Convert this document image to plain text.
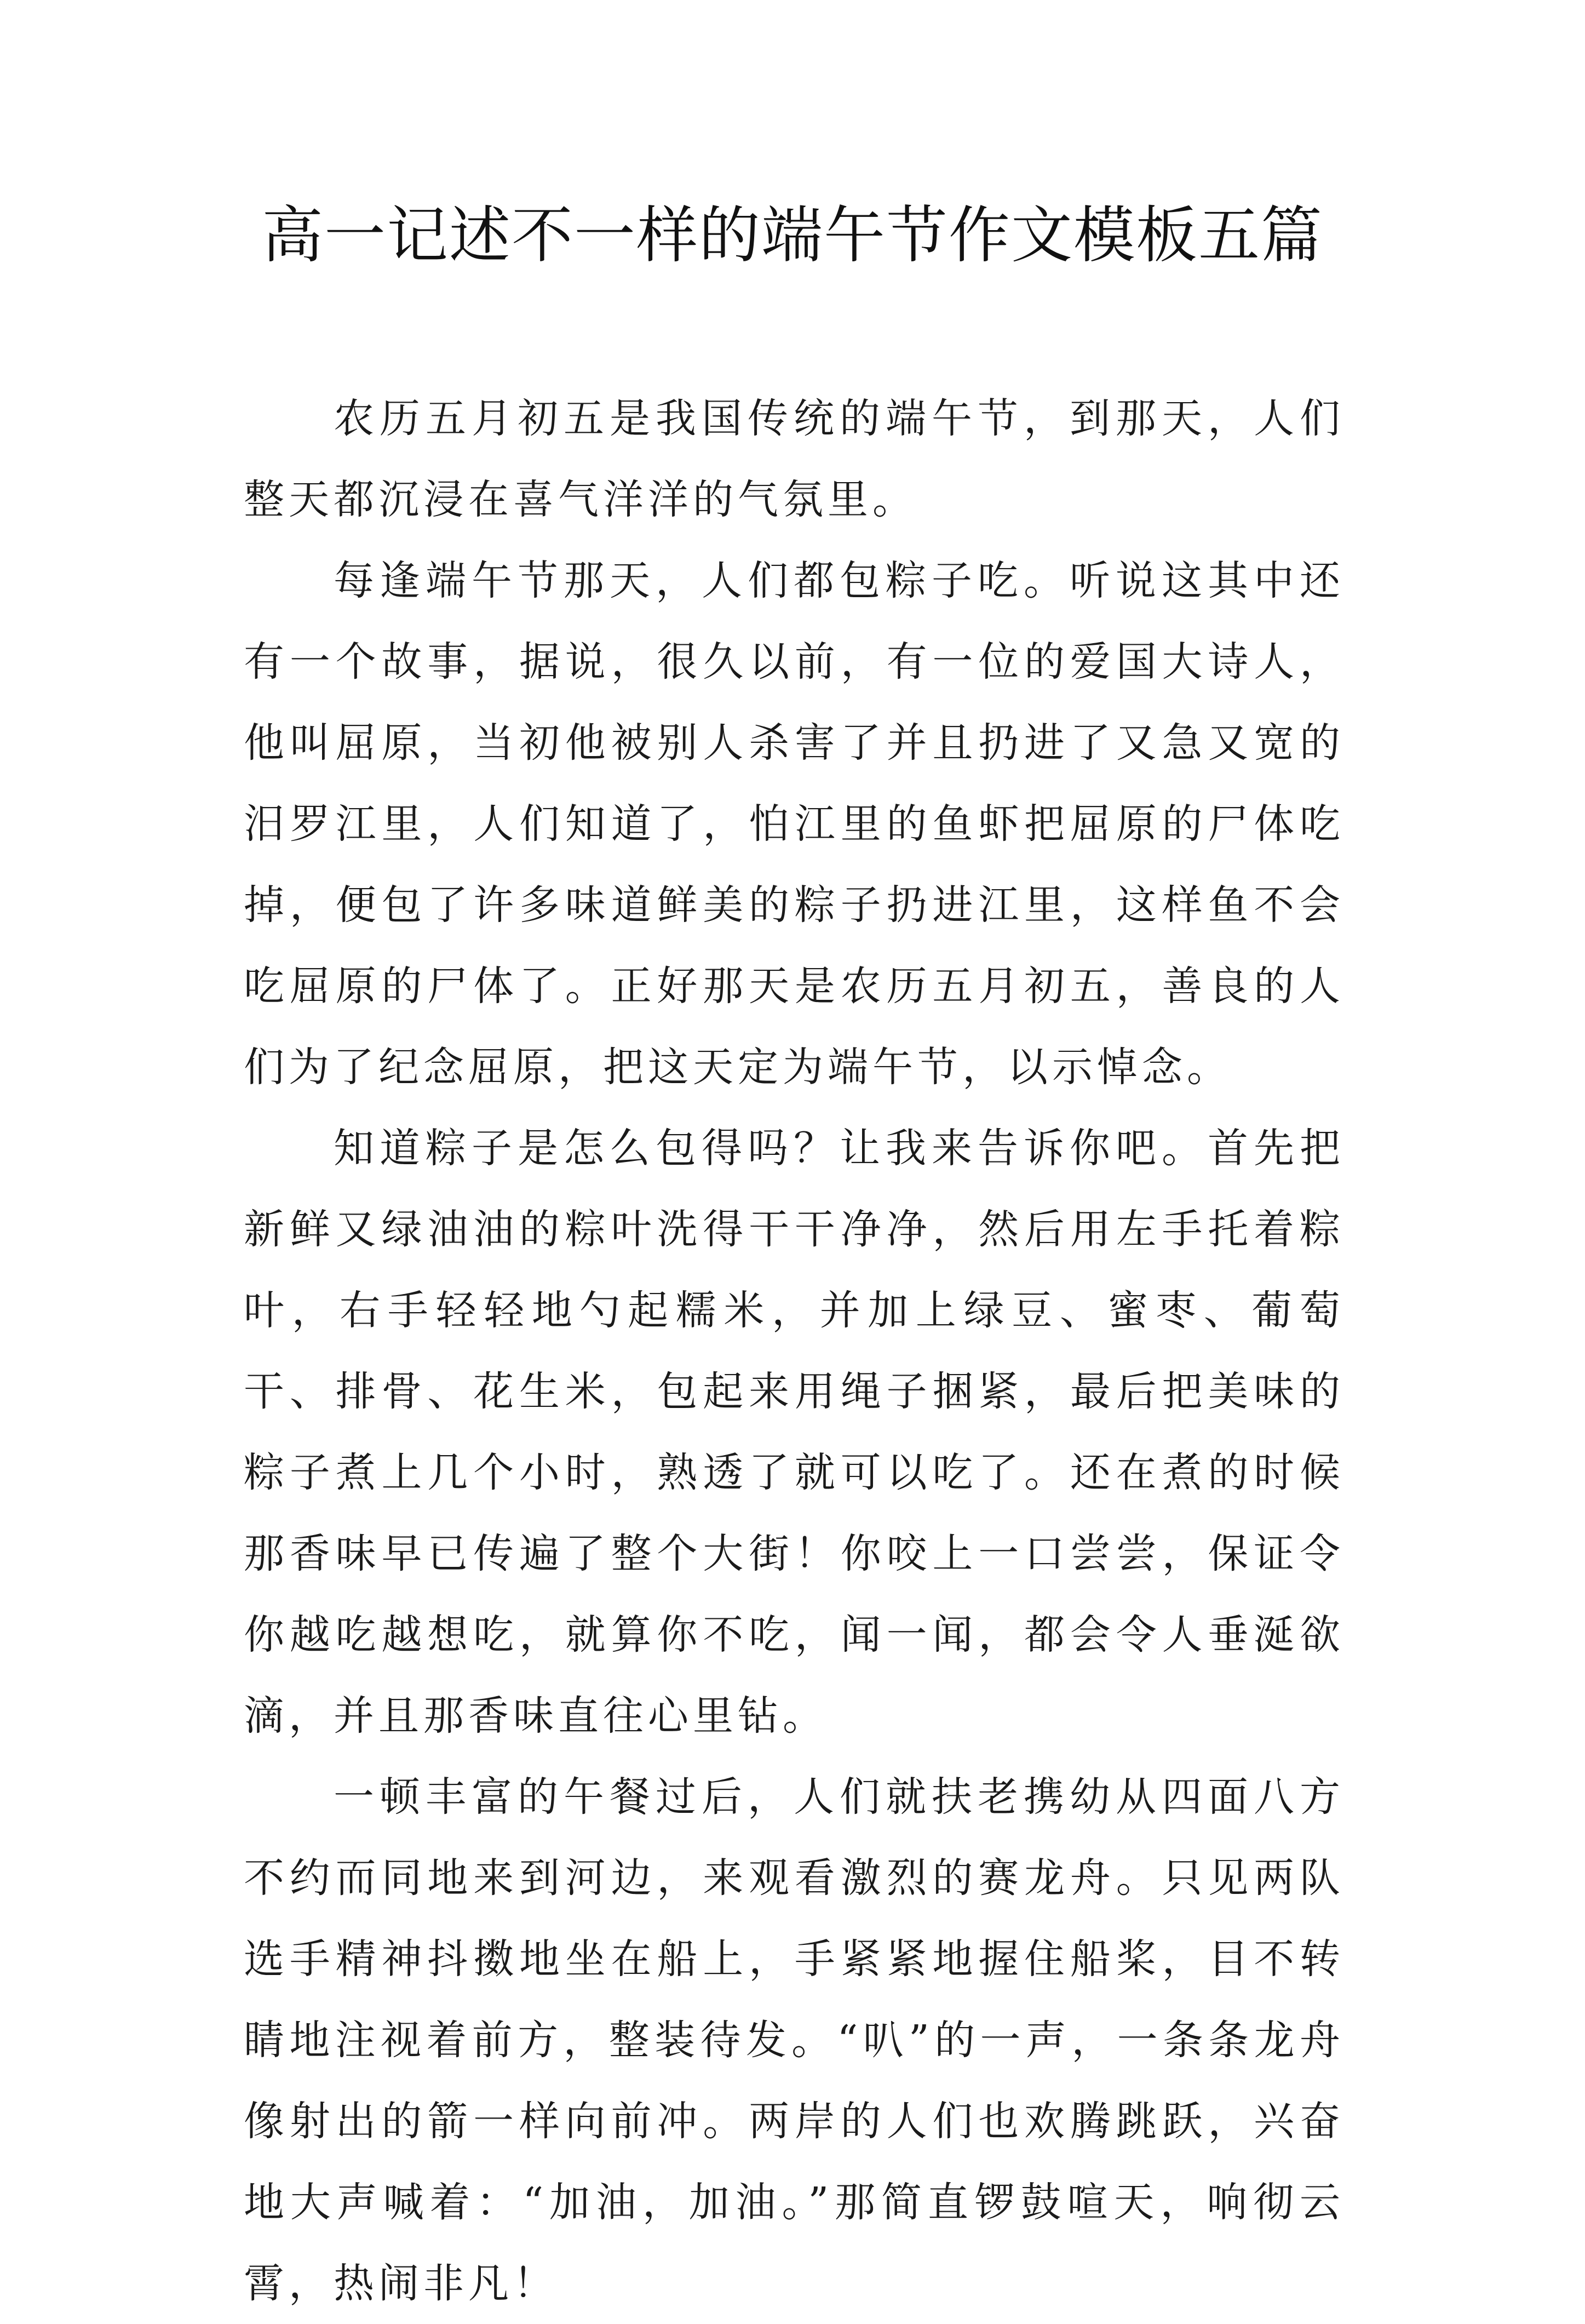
高一记述不一样的端午节作文模板五篇

农历五月初五是我国传统的端午节，到那天，人们整天都沉浸在喜气洋洋的气氛里。

每逢端午节那天，人们都包粽子吃。听说这其中还有一个故事，据说，很久以前，有一位的爱国大诗人，他叫屈原，当初他被别人杀害了并且扔进了又急又宽的汨罗江里，人们知道了，怕江里的鱼虾把屈原的尸体吃掉，便包了许多味道鲜美的粽子扔进江里，这样鱼不会吃屈原的尸体了。正好那天是农历五月初五，善良的人们为了纪念屈原，把这天定为端午节，以示悼念。

知道粽子是怎么包得吗？让我来告诉你吧。首先把新鲜又绿油油的粽叶洗得干干净净，然后用左手托着粽叶，右手轻轻地勺起糯米，并加上绿豆、蜜枣、葡萄干、排骨、花生米，包起来用绳子捆紧，最后把美味的粽子煮上几个小时，熟透了就可以吃了。还在煮的时候那香味早已传遍了整个大街！你咬上一口尝尝，保证令你越吃越想吃，就算你不吃，闻一闻，都会令人垂涎欲滴，并且那香味直往心里钻。

一顿丰富的午餐过后，人们就扶老携幼从四面八方不约而同地来到河边，来观看激烈的赛龙舟。只见两队选手精神抖擞地坐在船上，手紧紧地握住船桨，目不转睛地注视着前方，整装待发。“叭”的一声，一条条龙舟像射出的箭一样向前冲。两岸的人们也欢腾跳跃，兴奋地大声喊着：“加油，加油。”那简直锣鼓喧天，响彻云霄，热闹非凡！
